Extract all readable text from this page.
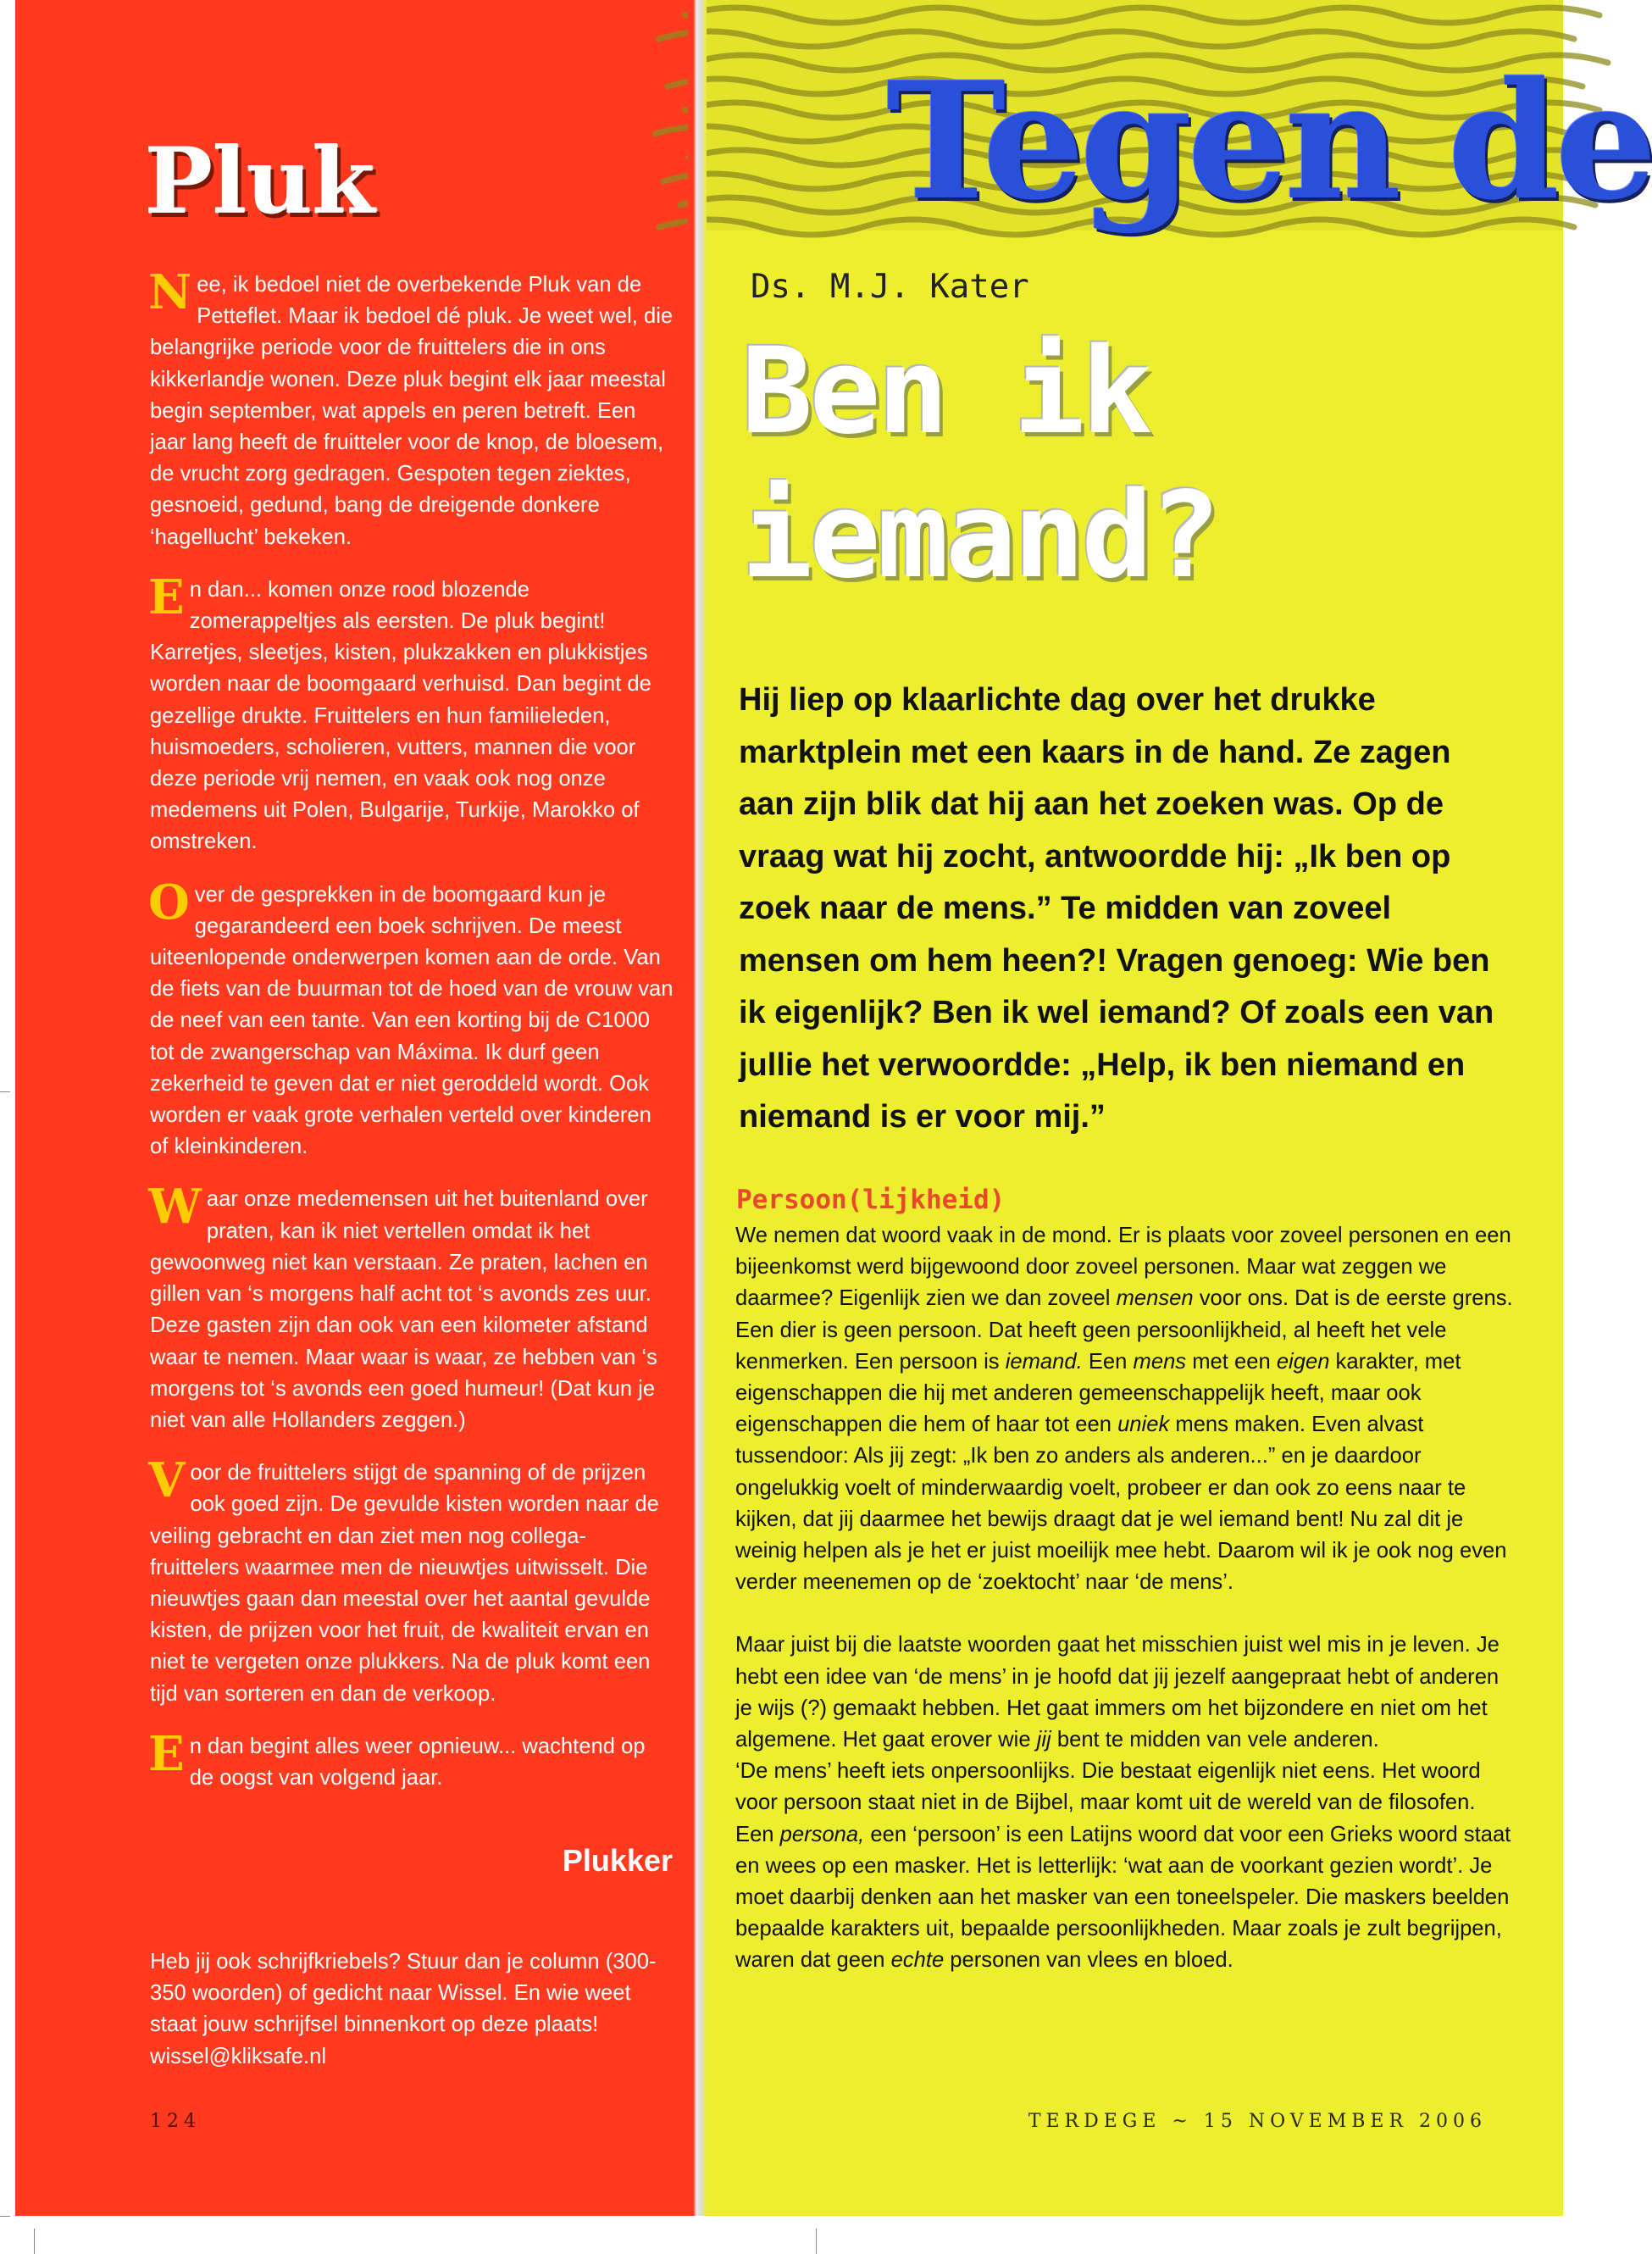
Pluk

Nee, ik bedoel niet de overbekende Pluk van de Petteflet. Maar ik bedoel dé pluk. Je weet wel, die belangrijke periode voor de fruittelers die in ons kikkerlandje wonen. Deze pluk begint elk jaar meestal begin september, wat appels en peren betreft. Een jaar lang heeft de fruitteler voor de knop, de bloesem, de vrucht zorg gedragen. Gespoten tegen ziektes, gesnoeid, gedund, bang de dreigende donkere ‘hagellucht’ bekeken.

En dan... komen onze rood blozende zomerappeltjes als eersten. De pluk begint! Karretjes, sleetjes, kisten, plukzakken en plukkistjes worden naar de boomgaard verhuisd. Dan begint de gezellige drukte. Fruittelers en hun familieleden, huismoeders, scholieren, vutters, mannen die voor deze periode vrij nemen, en vaak ook nog onze medemens uit Polen, Bulgarije, Turkije, Marokko of omstreken.

Over de gesprekken in de boomgaard kun je gegarandeerd een boek schrijven. De meest uiteenlopende onderwerpen komen aan de orde. Van de fiets van de buurman tot de hoed van de vrouw van de neef van een tante. Van een korting bij de C1000 tot de zwangerschap van Máxima. Ik durf geen zekerheid te geven dat er niet geroddeld wordt. Ook worden er vaak grote verhalen verteld over kinderen of kleinkinderen.

Waar onze medemensen uit het buitenland over praten, kan ik niet vertellen omdat ik het gewoonweg niet kan verstaan. Ze praten, lachen en gillen van ‘s morgens half acht tot ‘s avonds zes uur. Deze gasten zijn dan ook van een kilometer afstand waar te nemen. Maar waar is waar, ze hebben van ‘s morgens tot ‘s avonds een goed humeur! (Dat kun je niet van alle Hollanders zeggen.)

Voor de fruittelers stijgt de spanning of de prijzen ook goed zijn. De gevulde kisten worden naar de veiling gebracht en dan ziet men nog collega-fruittelers waarmee men de nieuwtjes uitwisselt. Die nieuwtjes gaan dan meestal over het aantal gevulde kisten, de prijzen voor het fruit, de kwaliteit ervan en niet te vergeten onze plukkers. Na de pluk komt een tijd van sorteren en dan de verkoop.

En dan begint alles weer opnieuw... wachtend op de oogst van volgend jaar.

Plukker

Heb jij ook schrijfkriebels? Stuur dan je column (300-350 woorden) of gedicht naar Wissel. En wie weet staat jouw schrijfsel binnenkort op deze plaats! wissel@kliksafe.nl

124
Tegen de
Ds. M.J. Kater
Ben ik
iemand?

Hij liep op klaarlichte dag over het drukke marktplein met een kaars in de hand. Ze zagen aan zijn blik dat hij aan het zoeken was. Op de vraag wat hij zocht, antwoordde hij: „Ik ben op zoek naar de mens.” Te midden van zoveel mensen om hem heen?! Vragen genoeg: Wie ben ik eigenlijk? Ben ik wel iemand? Of zoals een van jullie het verwoordde: „Help, ik ben niemand en niemand is er voor mij.”

Persoon(lijkheid)

We nemen dat woord vaak in de mond. Er is plaats voor zoveel personen en een bijeenkomst werd bijgewoond door zoveel personen. Maar wat zeggen we daarmee? Eigenlijk zien we dan zoveel mensen voor ons. Dat is de eerste grens. Een dier is geen persoon. Dat heeft geen persoonlijkheid, al heeft het vele kenmerken. Een persoon is iemand. Een mens met een eigen karakter, met eigenschappen die hij met anderen gemeenschappelijk heeft, maar ook eigenschappen die hem of haar tot een uniek mens maken. Even alvast tussendoor: Als jij zegt: „Ik ben zo anders als anderen...” en je daardoor ongelukkig voelt of minderwaardig voelt, probeer er dan ook zo eens naar te kijken, dat jij daarmee het bewijs draagt dat je wel iemand bent! Nu zal dit je weinig helpen als je het er juist moeilijk mee hebt. Daarom wil ik je ook nog even verder meenemen op de ‘zoektocht’ naar ‘de mens’.

Maar juist bij die laatste woorden gaat het misschien juist wel mis in je leven. Je hebt een idee van ‘de mens’ in je hoofd dat jij jezelf aangepraat hebt of anderen je wijs (?) gemaakt hebben. Het gaat immers om het bijzondere en niet om het algemene. Het gaat erover wie jij bent te midden van vele anderen.

‘De mens’ heeft iets onpersoonlijks. Die bestaat eigenlijk niet eens. Het woord voor persoon staat niet in de Bijbel, maar komt uit de wereld van de filosofen. Een persona, een ‘persoon’ is een Latijns woord dat voor een Grieks woord staat en wees op een masker. Het is letterlijk: ‘wat aan de voorkant gezien wordt’. Je moet daarbij denken aan het masker van een toneelspeler. Die maskers beelden bepaalde karakters uit, bepaalde persoonlijkheden. Maar zoals je zult begrijpen, waren dat geen echte personen van vlees en bloed.

TERDEGE ~ 15 NOVEMBER 2006
